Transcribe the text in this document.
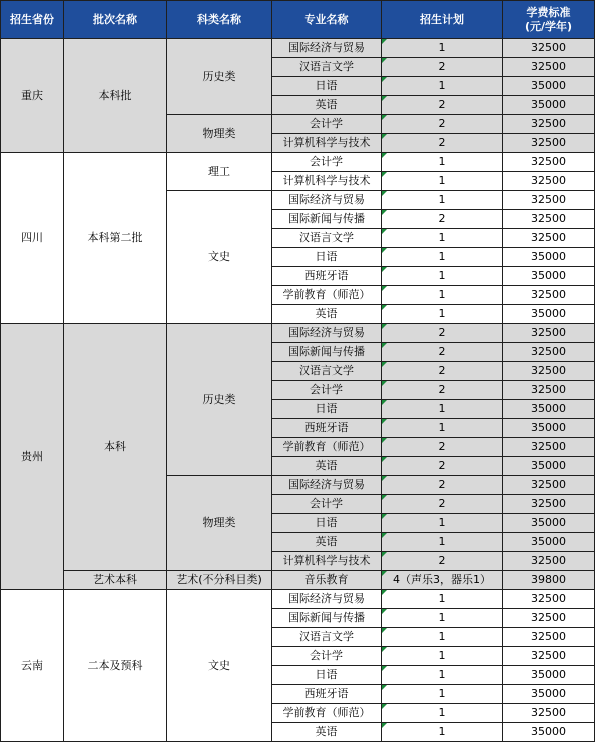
招生省份	批次名称	科类名称	专业名称	招生计划	学费标准
(元/学年)

重庆	本科批	历史类	国际经济与贸易	1	32500
			汉语言文学	2	32500
			日语	1	35000
			英语	2	35000
		物理类	会计学	2	32500
			计算机科学与技术	2	32500
四川	本科第二批	理工	会计学	1	32500
			计算机科学与技术	1	32500
		文史	国际经济与贸易	1	32500
			国际新闻与传播	2	32500
			汉语言文学	1	32500
			日语	1	35000
			西班牙语	1	35000
			学前教育（师范）	1	32500
			英语	1	35000
贵州	本科	历史类	国际经济与贸易	2	32500
			国际新闻与传播	2	32500
			汉语言文学	2	32500
			会计学	2	32500
			日语	1	35000
			西班牙语	1	35000
			学前教育（师范）	2	32500
			英语	2	35000
		物理类	国际经济与贸易	2	32500
			会计学	2	32500
			日语	1	35000
			英语	1	35000
			计算机科学与技术	2	32500
	艺术本科	艺术(不分科目类)	音乐教育	4（声乐3，器乐1）	39800
云南	二本及预科	文史	国际经济与贸易	1	32500
			国际新闻与传播	1	32500
			汉语言文学	1	32500
			会计学	1	32500
			日语	1	35000
			西班牙语	1	35000
			学前教育（师范）	1	32500
			英语	1	35000
